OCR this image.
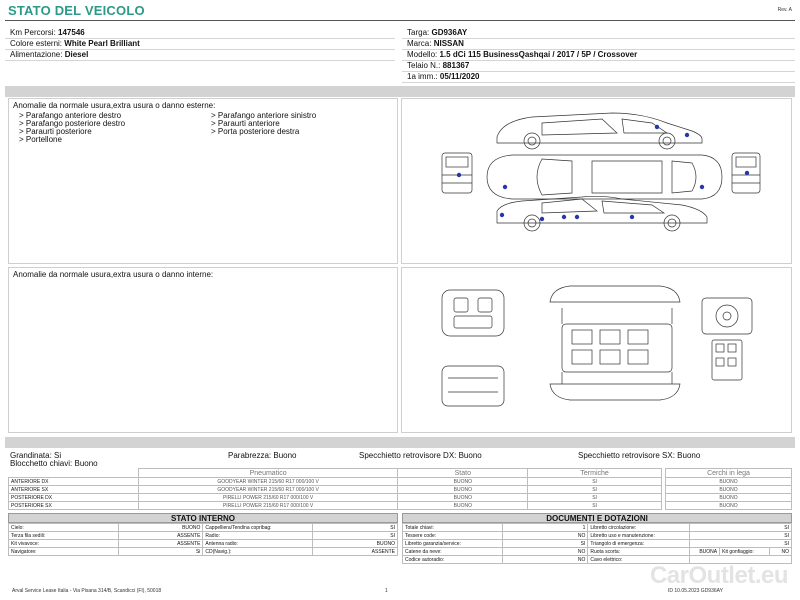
STATO DEL VEICOLO	Rev. A
Km Percorsi: 147546
Colore esterni: White Pearl Brilliant
Alimentazione: Diesel
Targa: GD936AY
Marca: NISSAN
Modello: 1.5 dCi 115 BusinessQashqai / 2017 / 5P / Crossover
Telaio N.: 881367
1a imm.: 05/11/2020
Anomalie da normale usura,extra usura o danno esterne:
> Parafango anteriore destro
> Parafango posteriore destro
> Paraurti posteriore
> Portellone
> Parafango anteriore sinistro
> Paraurti anteriore
> Porta posteriore destra
Anomalie da normale usura,extra usura o danno interne:
Grandinata: Si	Parabrezza: Buono	Specchietto retrovisore DX: Buono	Specchietto retrovisore SX: Buono
Blocchetto chiavi: Buono
	Pneumatico	Stato	Termiche
ANTERIORE DX	GOODYEAR WINTER 215/60 R17 000/100 V	BUONO	SI
ANTERIORE SX	GOODYEAR WINTER 215/60 R17 000/100 V	BUONO	SI
POSTERIORE DX	PIRELLI POWER 215/60 R17 000/100 V	BUONO	SI
POSTERIORE SX	PIRELLI POWER 215/60 R17 000/100 V	BUONO	SI
Cerchi in lega
BUONO
BUONO
BUONO
BUONO
STATO INTERNO
Cielo:	BUONO	Cappelliera/Tendina copribag:	SI
Terza fila sedili:	ASSENTE	Radio:	SI
Kit vivavoce:	ASSENTE	Antenna radio:	BUONO
Navigatore:	Si	CD(Navig.):	ASSENTE
DOCUMENTI E DOTAZIONI
Totale chiavi:	1	Libretto circolazione:	SI		
Tessere code:	NO	Libretto uso e manutenzione:	SI		
Libretto garanzia/service:	SI	Triangolo di emergenza:	SI		
Catene da neve:	NO	Ruota scorta:	BUONA	Kit gonfiaggio:	NO
Codice autoradio:	NO	Cavo elettrico:			
Arval Service Lease Italia - Via Pisana 314/B, Scandicci (FI), 50018	1	ID 10.05.2023 GD936AY
CarOutlet.eu
